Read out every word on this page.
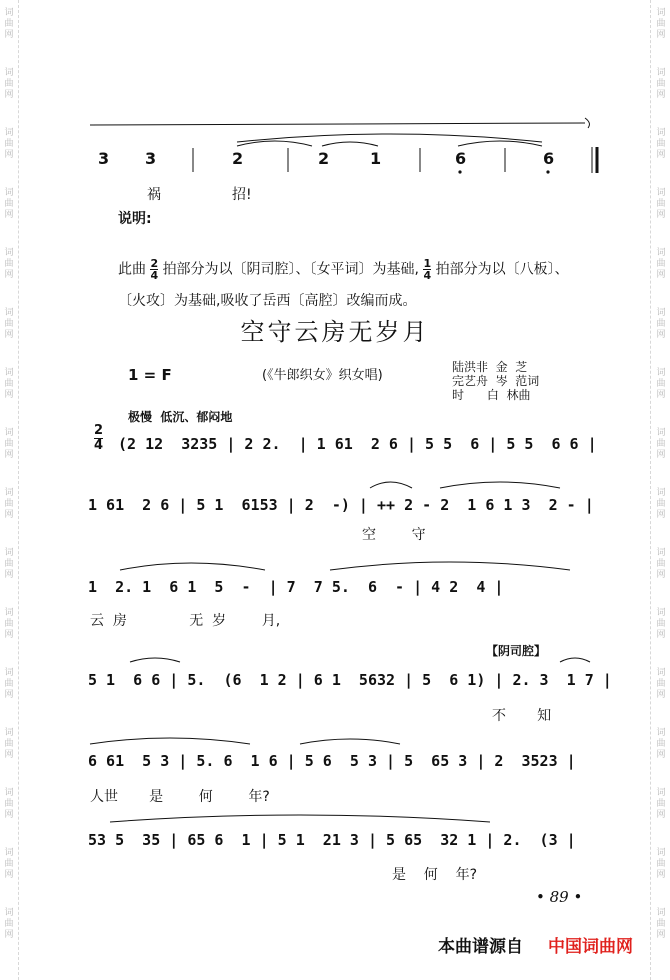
词曲网
词曲网
词曲网
词曲网
词曲网
词曲网
词曲网
词曲网
词曲网
词曲网
词曲网
词曲网
词曲网
词曲网
词曲网
词曲网
词曲网
词曲网
词曲网
词曲网
词曲网
词曲网
词曲网
词曲网
词曲网
词曲网
词曲网
词曲网
词曲网
词曲网
词曲网
词曲网
3 3	2	2	1	6	6
祸	招!
说明:
此曲 $\frac{2}{4}$ 拍部分为以〔阴司腔〕、〔女平词〕为基础, $\frac{1}{4}$ 拍部分为以〔八板〕、
〔火攻〕为基础,吸收了岳西〔高腔〕改编而成。
空守云房无岁月
1 = F	(《牛郎织女》织女唱)
陆洪非  金  芝
完艺舟  岑  范词
时      白  林曲
极慢  低沉、郁闷地
$\frac{2}{4} (2$ 12  3235 | 2 2.  | 1 61  2 6 | 5 5  6 | 5 5  6 6 |
1 61  2 6 | 5 1  6153 | 2  -) | ++ 2 - 2  1 6 1 3  2 - |
空        守
1  2. 1  6 1  5  -  | 7  7 5.  6  - | 4 2  4 |
云  房              无  岁        月,
【阴司腔】
5 1  6 6 | 5.  (6  1 2 | 6 1  5632 | 5  6 1) | 2. 3  1 7 |
不       知
6 61  5 3 | 5. 6  1 6 | 5 6  5 3 | 5  65 3 | 2  3523 |
人世       是        何        年?
53 5  35 | 65 6  1 | 5 1  21 3 | 5 65  32 1 | 2.  (3 |
是    何    年?
• 89 •
本曲谱源自 中国词曲网
